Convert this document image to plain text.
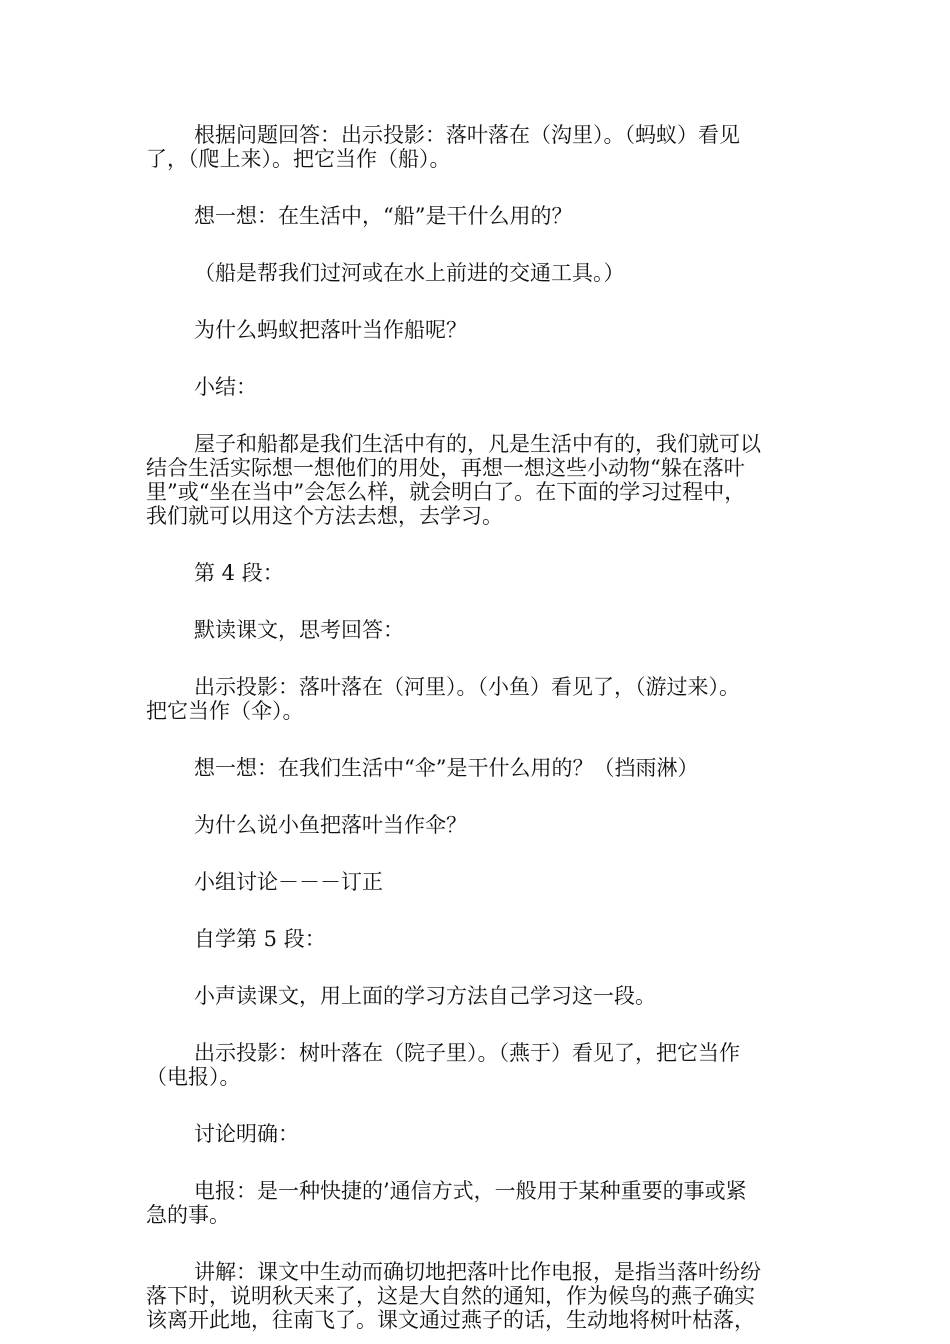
根据问题回答：出示投影：落叶落在（沟里）。（蚂蚁）看见
了，（爬上来）。把它当作（船）。

想一想：在生活中，“船”是干什么用的？

（船是帮我们过河或在水上前进的交通工具。）

为什么蚂蚁把落叶当作船呢？

小结：

屋子和船都是我们生活中有的，凡是生活中有的，我们就可以
结合生活实际想一想他们的用处，再想一想这些小动物“躲在落叶
里”或“坐在当中”会怎么样，就会明白了。在下面的学习过程中，
我们就可以用这个方法去想，去学习。

第 4 段：

默读课文，思考回答：

出示投影：落叶落在（河里）。（小鱼）看见了，（游过来）。
把它当作（伞）。

想一想：在我们生活中“伞”是干什么用的？（挡雨淋）

为什么说小鱼把落叶当作伞？

小组讨论－－－订正

自学第 5 段：

小声读课文，用上面的学习方法自己学习这一段。

出示投影：树叶落在（院子里）。（燕于）看见了，把它当作
（电报）。

讨论明确：

电报：是一种快捷的’通信方式，一般用于某种重要的事或紧
急的事。

讲解：课文中生动而确切地把落叶比作电报，是指当落叶纷纷
落下时，说明秋天来了，这是大自然的通知，作为候鸟的燕子确实
该离开此地，往南飞了。课文通过燕子的话，生动地将树叶枯落，
